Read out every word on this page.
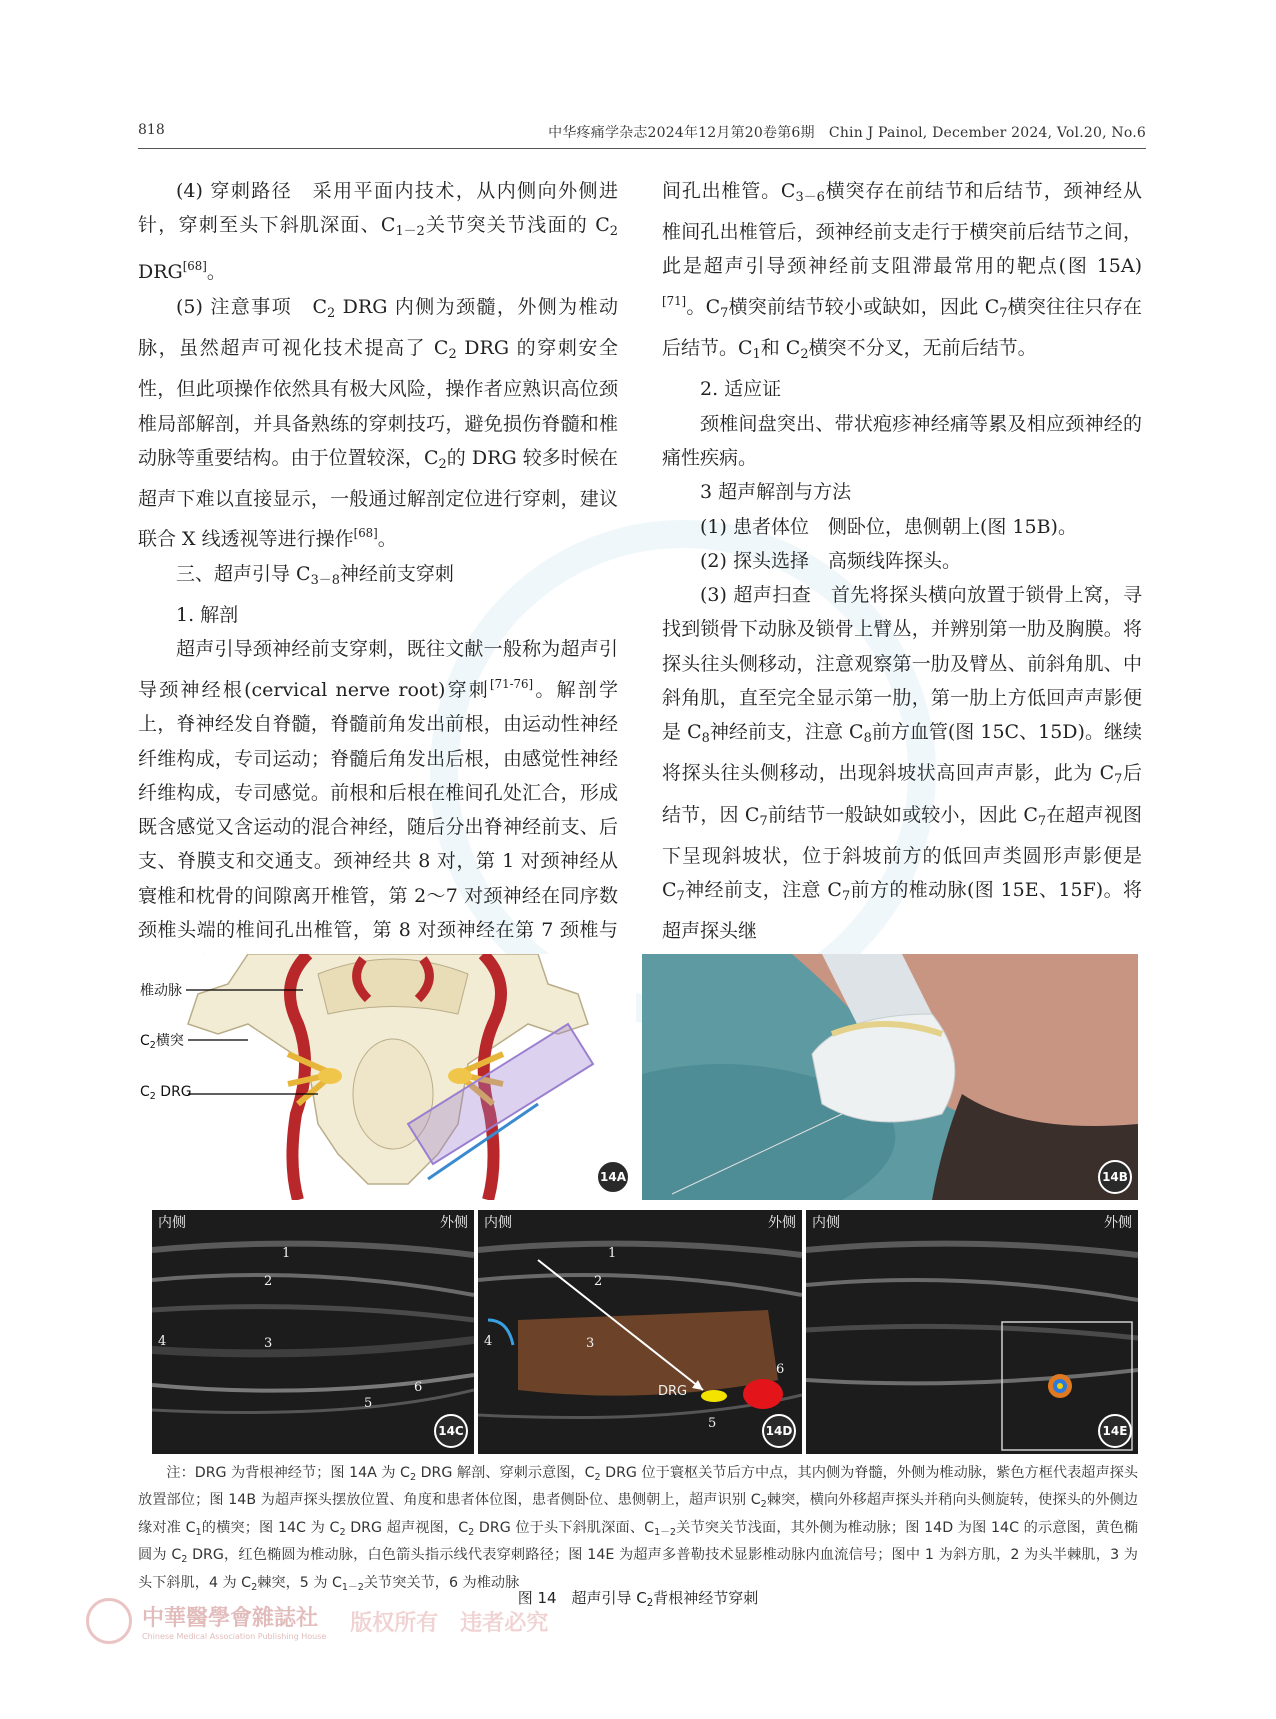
818	中华疼痛学杂志2024年12月第20卷第6期　Chin J Painol, December 2024, Vol.20, No.6

(4) 穿刺路径　采用平面内技术，从内侧向外侧进针，穿刺至头下斜肌深面、$C_{1-2}$关节突关节浅面的 $C_2$ DRG[68]。

(5) 注意事项　$C_2$ DRG 内侧为颈髓，外侧为椎动脉，虽然超声可视化技术提高了 $C_2$ DRG 的穿刺安全性，但此项操作依然具有极大风险，操作者应熟识高位颈椎局部解剖，并具备熟练的穿刺技巧，避免损伤脊髓和椎动脉等重要结构。由于位置较深，$C_2$的 DRG 较多时候在超声下难以直接显示，一般通过解剖定位进行穿刺，建议联合 X 线透视等进行操作[68]。

三、超声引导 $C_{3-8}$神经前支穿刺

1. 解剖

超声引导颈神经前支穿刺，既往文献一般称为超声引导颈神经根(cervical nerve root)穿刺[71-76]。解剖学上，脊神经发自脊髓，脊髓前角发出前根，由运动性神经纤维构成，专司运动；脊髓后角发出后根，由感觉性神经纤维构成，专司感觉。前根和后根在椎间孔处汇合，形成既含感觉又含运动的混合神经，随后分出脊神经前支、后支、脊膜支和交通支。颈神经共 8 对，第 1 对颈神经从寰椎和枕骨的间隙离开椎管，第 2～7 对颈神经在同序数颈椎头端的椎间孔出椎管，第 8 对颈神经在第 7 颈椎与

间孔出椎管。$C_{3-6}$横突存在前结节和后结节，颈神经从椎间孔出椎管后，颈神经前支走行于横突前后结节之间，此是超声引导颈神经前支阻滞最常用的靶点(图 15A)[71]。$C_7$横突前结节较小或缺如，因此 $C_7$横突往往只存在后结节。$C_1$和 $C_2$横突不分叉，无前后结节。

2. 适应证

颈椎间盘突出、带状疱疹神经痛等累及相应颈神经的痛性疾病。

3 超声解剖与方法

(1) 患者体位　侧卧位，患侧朝上(图 15B)。

(2) 探头选择　高频线阵探头。

(3) 超声扫查　首先将探头横向放置于锁骨上窝，寻找到锁骨下动脉及锁骨上臂丛，并辨别第一肋及胸膜。将探头往头侧移动，注意观察第一肋及臂丛、前斜角肌、中斜角肌，直至完全显示第一肋，第一肋上方低回声声影便是 $C_8$神经前支，注意 $C_8$前方血管(图 15C、15D)。继续将探头往头侧移动，出现斜坡状高回声声影，此为 $C_7$后结节，因 $C_7$前结节一般缺如或较小，因此 $C_7$在超声视图下呈现斜坡状，位于斜坡前方的低回声类圆形声影便是 $C_7$神经前支，注意 $C_7$前方的椎动脉(图 15E、15F)。将超声探头继

椎动脉
$C_2$横突
$C_2$ DRG
14A	14B
内侧	外侧
1
2
3
4
5
6
14C
内侧	外侧
1
2
3
4
5
6
DRG
14D
内侧	外侧
14E
注：DRG 为背根神经节；图 14A 为 $C_2$ DRG 解剖、穿刺示意图，$C_2$ DRG 位于寰枢关节后方中点，其内侧为脊髓，外侧为椎动脉，紫色方框代表超声探头放置部位；图 14B 为超声探头摆放位置、角度和患者体位图，患者侧卧位、患侧朝上，超声识别 $C_2$棘突，横向外移超声探头并稍向头侧旋转，使探头的外侧边缘对准 $C_1$的横突；图 14C 为 $C_2$ DRG 超声视图，$C_2$ DRG 位于头下斜肌深面、$C_{1-2}$关节突关节浅面，其外侧为椎动脉；图 14D 为图 14C 的示意图，黄色椭圆为 $C_2$ DRG，红色椭圆为椎动脉，白色箭头指示线代表穿刺路径；图 14E 为超声多普勒技术显影椎动脉内血流信号；图中 1 为斜方肌，2 为头半棘肌，3 为头下斜肌，4 为 $C_2$棘突，5 为 $C_{1-2}$关节突关节，6 为椎动脉
图 14　超声引导 $C_2$背根神经节穿刺
中華醫學會雜誌社
Chinese Medical Association Publishing House
版权所有　违者必究
